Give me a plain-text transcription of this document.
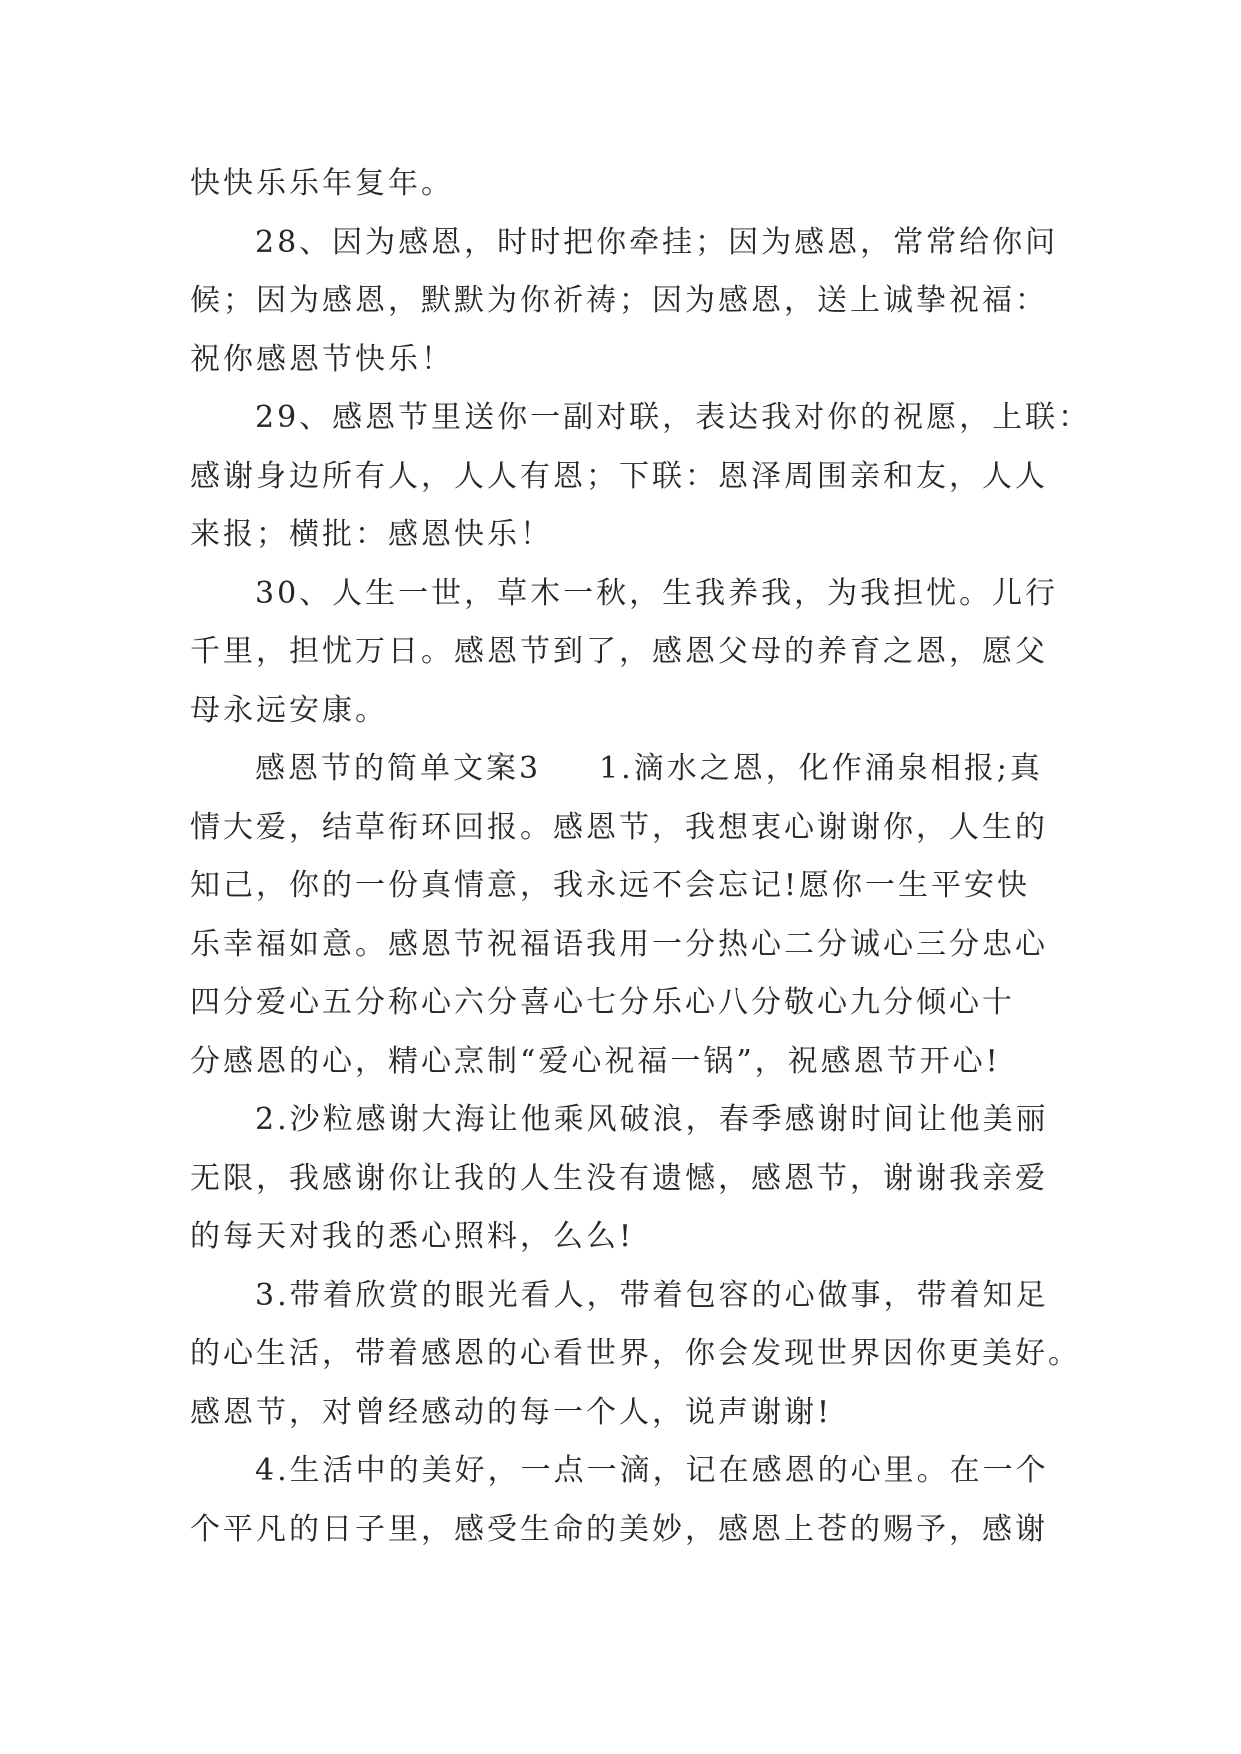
快快乐乐年复年。
28、因为感恩，时时把你牵挂；因为感恩，常常给你问
候；因为感恩，默默为你祈祷；因为感恩，送上诚挚祝福：
祝你感恩节快乐！
29、感恩节里送你一副对联，表达我对你的祝愿，上联：
感谢身边所有人，人人有恩；下联：恩泽周围亲和友，人人
来报；横批：感恩快乐！
30、人生一世，草木一秋，生我养我，为我担忧。儿行
千里，担忧万日。感恩节到了，感恩父母的养育之恩，愿父
母永远安康。
感恩节的简单文案3 1.滴水之恩，化作涌泉相报;真
情大爱，结草衔环回报。感恩节，我想衷心谢谢你，人生的
知己，你的一份真情意，我永远不会忘记!愿你一生平安快
乐幸福如意。感恩节祝福语我用一分热心二分诚心三分忠心
四分爱心五分称心六分喜心七分乐心八分敬心九分倾心十
分感恩的心，精心烹制“爱心祝福一锅”，祝感恩节开心!
2.沙粒感谢大海让他乘风破浪，春季感谢时间让他美丽
无限，我感谢你让我的人生没有遗憾，感恩节，谢谢我亲爱
的每天对我的悉心照料，么么!
3.带着欣赏的眼光看人，带着包容的心做事，带着知足
的心生活，带着感恩的心看世界，你会发现世界因你更美好。
感恩节，对曾经感动的每一个人，说声谢谢!
4.生活中的美好，一点一滴，记在感恩的心里。在一个
个平凡的日子里，感受生命的美妙，感恩上苍的赐予，感谢
